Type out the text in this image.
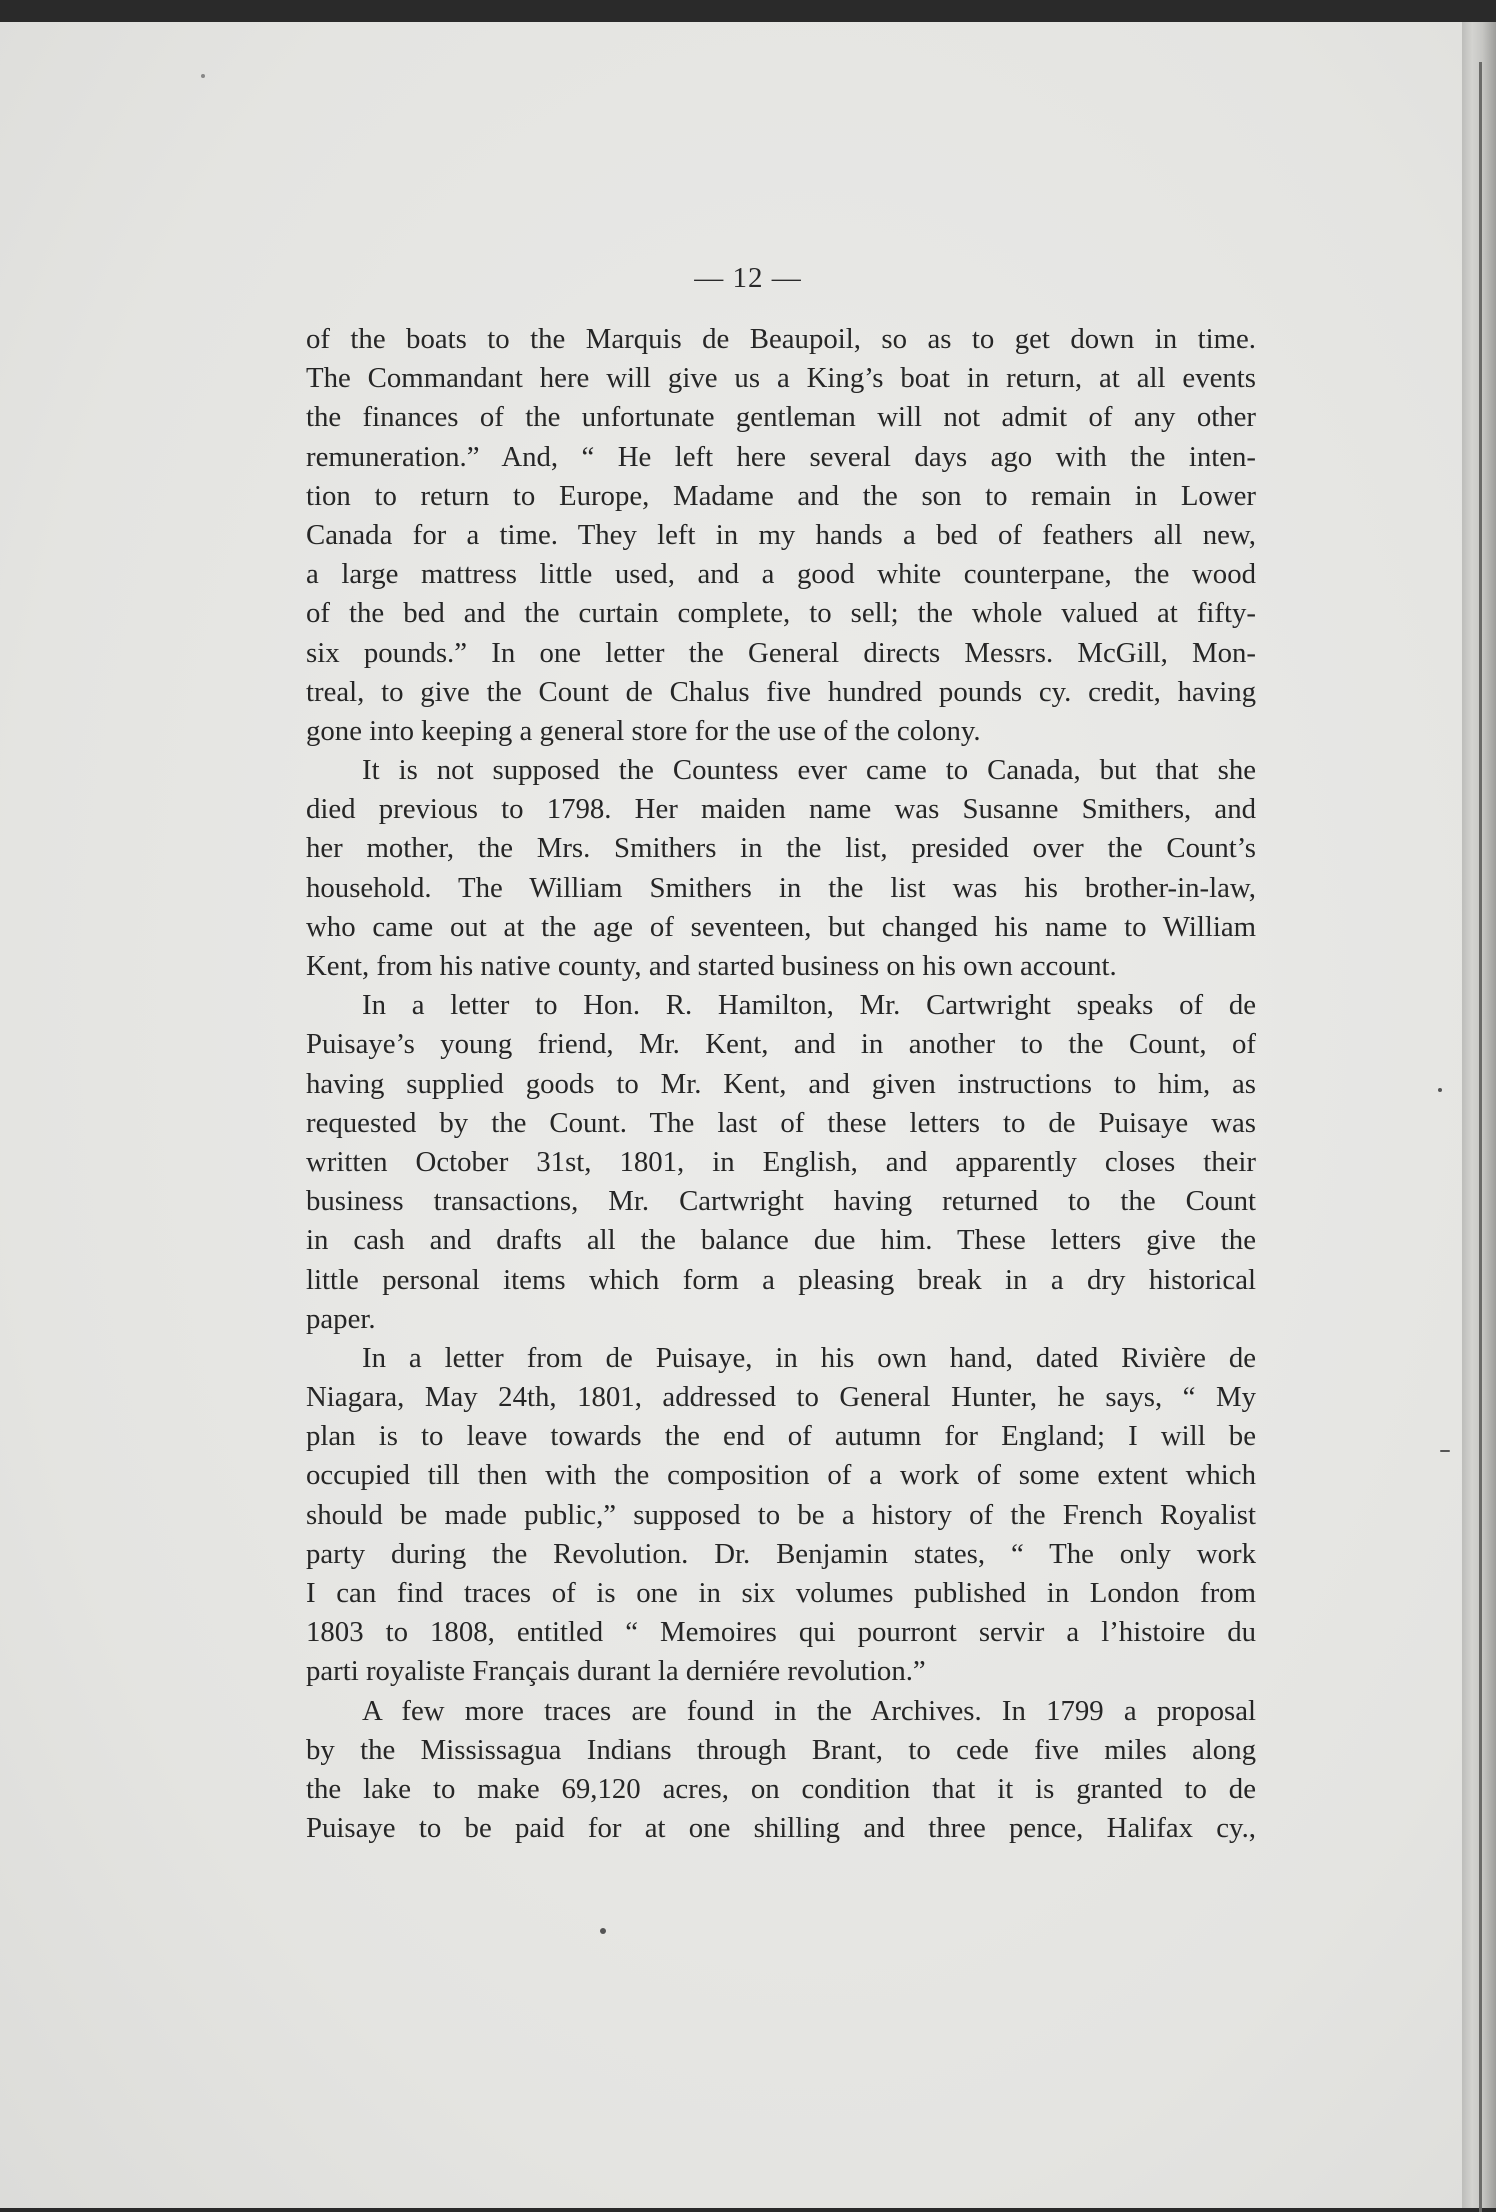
— 12 —
of the boats to the Marquis de Beaupoil, so as to get down in time.
The Commandant here will give us a King’s boat in return, at all events
the finances of the unfortunate gentleman will not admit of any other
remuneration.” And, “ He left here several days ago with the inten-
tion to return to Europe, Madame and the son to remain in Lower
Canada for a time. They left in my hands a bed of feathers all new,
a large mattress little used, and a good white counterpane, the wood
of the bed and the curtain complete, to sell; the whole valued at fifty-
six pounds.” In one letter the General directs Messrs. McGill, Mon-
treal, to give the Count de Chalus five hundred pounds cy. credit, having
gone into keeping a general store for the use of the colony.
It is not supposed the Countess ever came to Canada, but that she
died previous to 1798. Her maiden name was Susanne Smithers, and
her mother, the Mrs. Smithers in the list, presided over the Count’s
household. The William Smithers in the list was his brother-in-law,
who came out at the age of seventeen, but changed his name to William
Kent, from his native county, and started business on his own account.
In a letter to Hon. R. Hamilton, Mr. Cartwright speaks of de
Puisaye’s young friend, Mr. Kent, and in another to the Count, of
having supplied goods to Mr. Kent, and given instructions to him, as
requested by the Count. The last of these letters to de Puisaye was
written October 31st, 1801, in English, and apparently closes their
business transactions, Mr. Cartwright having returned to the Count
in cash and drafts all the balance due him. These letters give the
little personal items which form a pleasing break in a dry historical
paper.
In a letter from de Puisaye, in his own hand, dated Rivière de
Niagara, May 24th, 1801, addressed to General Hunter, he says, “ My
plan is to leave towards the end of autumn for England; I will be
occupied till then with the composition of a work of some extent which
should be made public,” supposed to be a history of the French Royalist
party during the Revolution. Dr. Benjamin states, “ The only work
I can find traces of is one in six volumes published in London from
1803 to 1808, entitled “ Memoires qui pourront servir a l’histoire du
parti royaliste Français durant la derniére revolution.”
A few more traces are found in the Archives. In 1799 a proposal
by the Mississagua Indians through Brant, to cede five miles along
the lake to make 69,120 acres, on condition that it is granted to de
Puisaye to be paid for at one shilling and three pence, Halifax cy.,
